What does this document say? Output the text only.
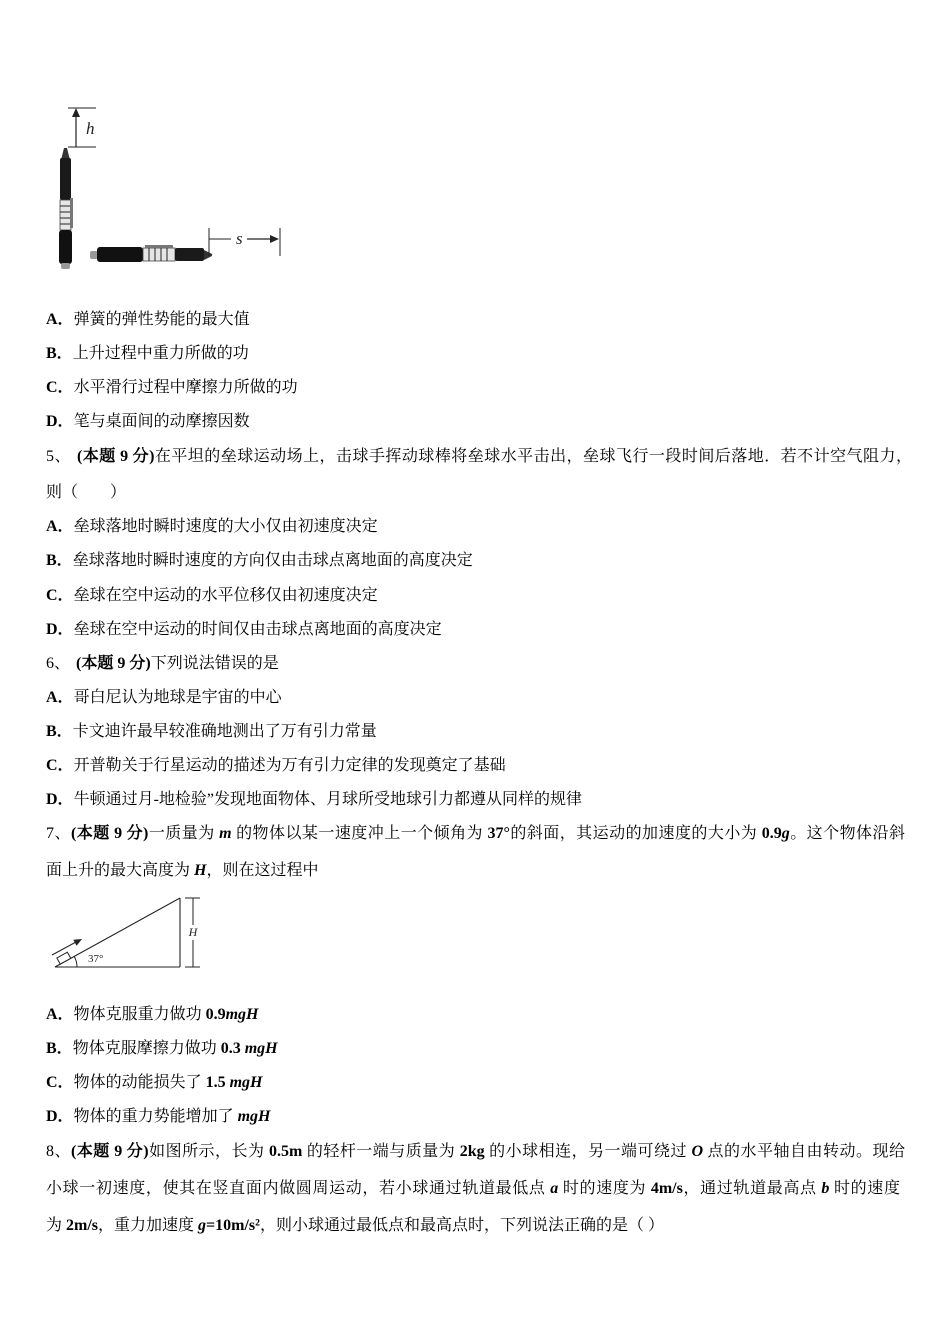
h
s
A．弹簧的弹性势能的最大值
B．上升过程中重力所做的功
C．水平滑行过程中摩擦力所做的功
D．笔与桌面间的动摩擦因数
5、 (本题 9 分)在平坦的垒球运动场上，击球手挥动球棒将垒球水平击出，垒球飞行一段时间后落地．若不计空气阻力，
则（　　）
A．垒球落地时瞬时速度的大小仅由初速度决定
B．垒球落地时瞬时速度的方向仅由击球点离地面的高度决定
C．垒球在空中运动的水平位移仅由初速度决定
D．垒球在空中运动的时间仅由击球点离地面的高度决定
6、 (本题 9 分)下列说法错误的是
A．哥白尼认为地球是宇宙的中心
B．卡文迪许最早较准确地测出了万有引力常量
C．开普勒关于行星运动的描述为万有引力定律的发现奠定了基础
D．牛顿通过月-地检验”发现地面物体、月球所受地球引力都遵从同样的规律
7、(本题 9 分)一质量为 m 的物体以某一速度冲上一个倾角为 37°的斜面，其运动的加速度的大小为 0.9g。这个物体沿斜
面上升的最大高度为 H，则在这过程中
H
37°
A．物体克服重力做功 0.9mgH
B．物体克服摩擦力做功 0.3 mgH
C．物体的动能损失了 1.5 mgH
D．物体的重力势能增加了 mgH
8、(本题 9 分)如图所示，长为 0.5m 的轻杆一端与质量为 2kg 的小球相连，另一端可绕过 O 点的水平轴自由转动。现给
小球一初速度，使其在竖直面内做圆周运动，若小球通过轨道最低点 a 时的速度为 4m/s，通过轨道最高点 b 时的速度
为 2m/s，重力加速度 g=10m/s²，则小球通过最低点和最高点时，下列说法正确的是（ ）
